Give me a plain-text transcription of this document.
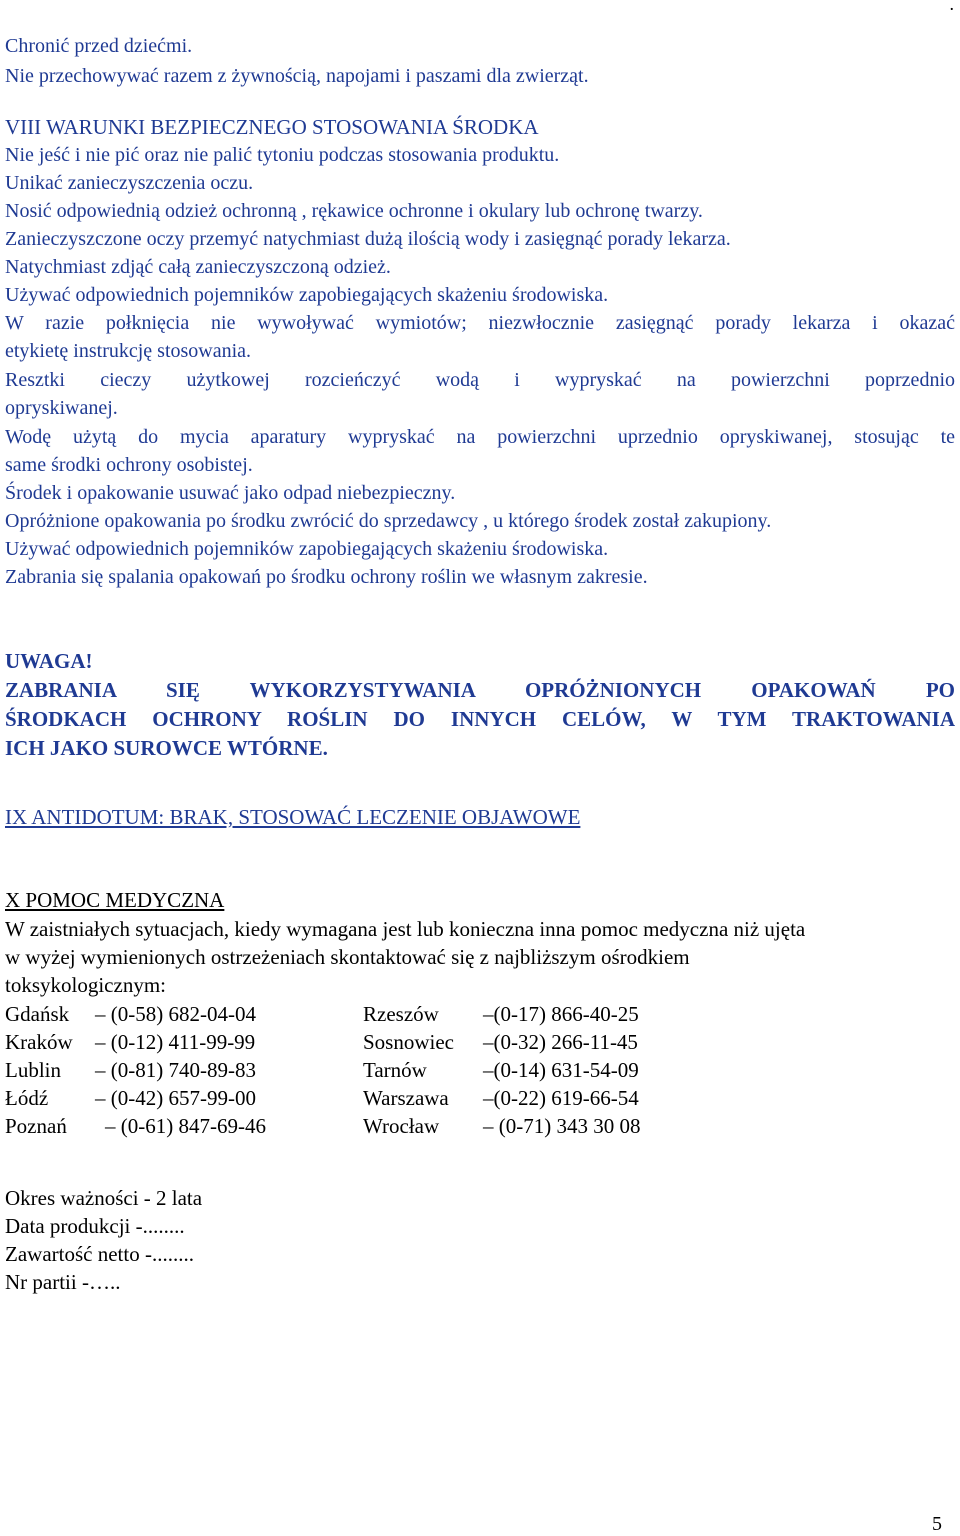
.
Chronić przed dziećmi.
Nie przechowywać razem z żywnością, napojami i paszami dla zwierząt.
VIII WARUNKI BEZPIECZNEGO STOSOWANIA ŚRODKA
Nie jeść i nie pić oraz nie palić tytoniu podczas stosowania produktu.
Unikać zanieczyszczenia oczu.
Nosić odpowiednią odzież ochronną , rękawice ochronne i okulary lub ochronę twarzy.
Zanieczyszczone oczy przemyć natychmiast dużą ilością wody i zasięgnąć porady lekarza.
Natychmiast zdjąć całą zanieczyszczoną odzież.
Używać odpowiednich pojemników zapobiegających skażeniu środowiska.
W razie połknięcia nie wywoływać wymiotów; niezwłocznie zasięgnąć porady lekarza i okazać
etykietę instrukcję stosowania.
Resztki cieczy użytkowej rozcieńczyć wodą i wypryskać na powierzchni poprzednio
opryskiwanej.
Wodę użytą do mycia aparatury wypryskać na powierzchni uprzednio opryskiwanej, stosując te
same środki ochrony osobistej.
Środek i opakowanie usuwać jako odpad niebezpieczny.
Opróżnione opakowania po środku zwrócić do sprzedawcy , u którego środek został zakupiony.
Używać odpowiednich pojemników zapobiegających skażeniu środowiska.
Zabrania się spalania opakowań po środku ochrony roślin we własnym zakresie.
UWAGA!
ZABRANIA SIĘ WYKORZYSTYWANIA OPRÓŻNIONYCH OPAKOWAŃ PO
ŚRODKACH OCHRONY ROŚLIN DO INNYCH CELÓW, W TYM TRAKTOWANIA
ICH JAKO SUROWCE WTÓRNE.
IX ANTIDOTUM: BRAK, STOSOWAĆ LECZENIE OBJAWOWE
X POMOC MEDYCZNA
W zaistniałych sytuacjach, kiedy wymagana jest lub konieczna inna pomoc medyczna niż ujęta
w wyżej wymienionych ostrzeżeniach skontaktować się z najbliższym ośrodkiem
toksykologicznym:
Gdańsk – (0-58) 682-04-04	Rzeszów –(0-17) 866-40-25
Kraków – (0-12) 411-99-99	Sosnowiec –(0-32) 266-11-45
Lublin – (0-81) 740-89-83	Tarnów	–(0-14) 631-54-09
Łódź – (0-42) 657-99-00	Warszawa –(0-22) 619-66-54
Poznań – (0-61) 847-69-46	Wrocław – (0-71) 343 30 08
Okres ważności - 2 lata
Data produkcji -........
Zawartość netto -........
Nr partii -…..
5
